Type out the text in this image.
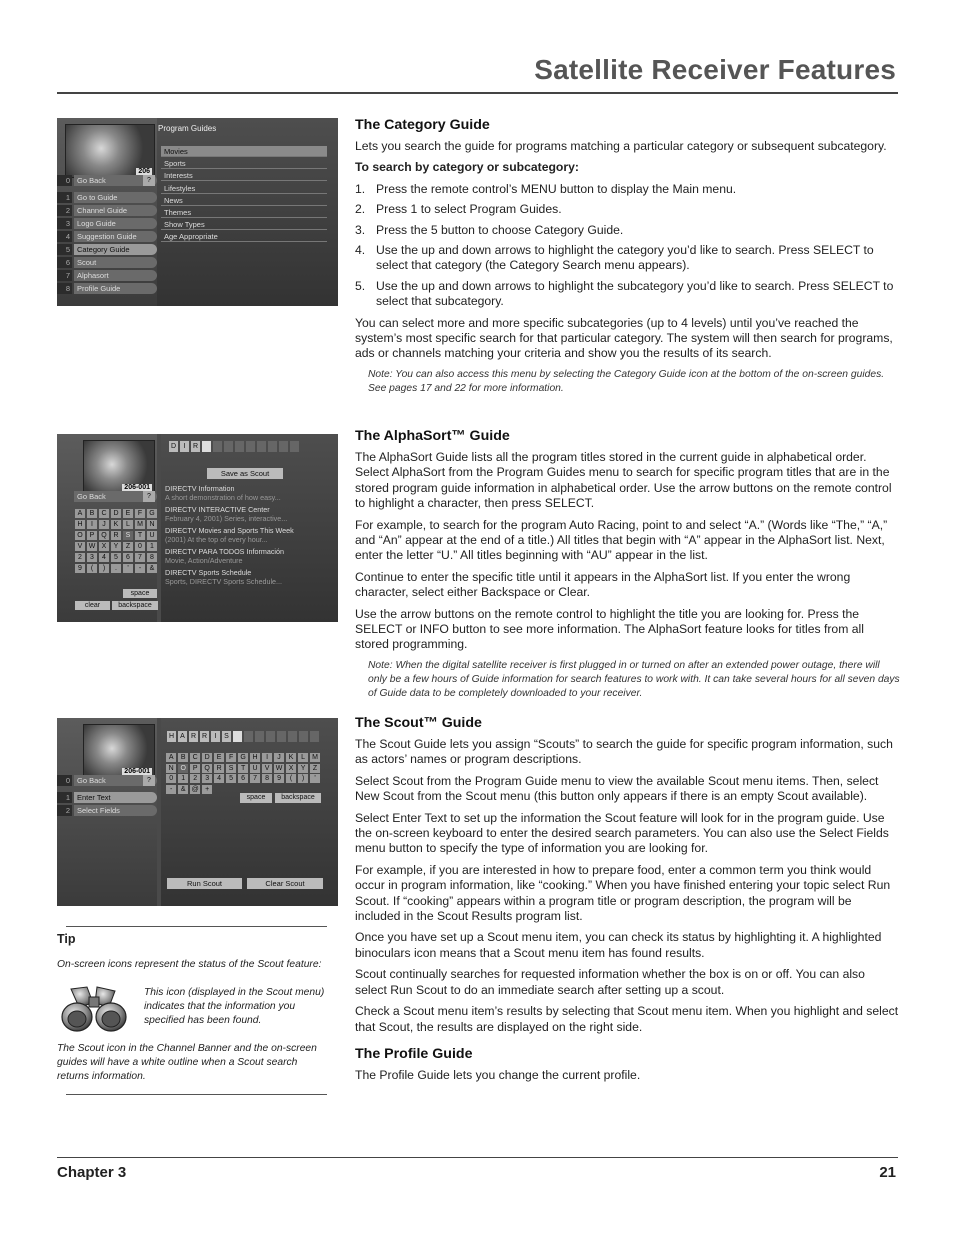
Satellite Receiver Features
206
Program Guides
0 Go Back	?
1 Go to Guide
2 Channel Guide
3 Logo Guide
4 Suggestion Guide
5 Category Guide
6 Scout
7 Alphasort
8 Profile Guide
Movies
Sports
Interests
Lifestyles
News
Themes
Show Types
Age Appropriate
The Category Guide

Lets you search the guide for programs matching a particular category or subsequent subcategory.

To search by category or subcategory:

1. Press the remote control’s MENU button to display the Main menu.
2. Press 1 to select Program Guides.
3. Press the 5 button to choose Category Guide.
4. Use the up and down arrows to highlight the category you’d like to search. Press SELECT to select that category (the Category Search menu appears).
5. Use the up and down arrows to highlight the subcategory you’d like to search. Press SELECT to select that subcategory.

You can select more and more specific subcategories (up to 4 levels) until you’ve reached the system’s most specific search for that particular category. The system will then search for programs, ads or channels matching your criteria and show you the results of its search.

Note: You can also access this menu by selecting the Category Guide icon at the bottom of the on-screen guides. See pages 17 and 22 for more information.

206-001
Go Back	?
A	B	C D	E	F	G
H	I	J	K	L	M N
O P Q R	S	T	U
V W X	Y	Z	0	1
2	3	4	5	6	7	8
9	(	)	.	'	-	&
space
clear	backspace
Save as Scout
D	I	R
DIRECTV Information
A short demonstration of how easy...
DIRECTV INTERACTIVE Center
February 4, 2001) Series, interactive...
DIRECTV Movies and Sports This Week
(2001) At the top of every hour...
DIRECTV PARA TODOS Información
Movie, Action/Adventure
DIRECTV Sports Schedule
Sports, DIRECTV Sports Schedule...
The AlphaSort™ Guide

The AlphaSort Guide lists all the program titles stored in the current guide in alphabetical order. Select AlphaSort from the Program Guides menu to search for specific program titles that are in the stored program guide information in alphabetical order. Use the arrow buttons on the remote control to highlight a character, then press SELECT.

For example, to search for the program Auto Racing, point to and select “A.” (Words like “The,” “A,” and “An” appear at the end of a title.) All titles that begin with “A” appear in the AlphaSort list. Next, enter the letter “U.” All titles beginning with “AU” appear in the list.

Continue to enter the specific title until it appears in the AlphaSort list. If you enter the wrong character, select either Backspace or Clear.

Use the arrow buttons on the remote control to highlight the title you are looking for. Press the SELECT or INFO button to see more information. The AlphaSort feature looks for titles from all stored programming.

Note: When the digital satellite receiver is first plugged in or turned on after an extended power outage, there will only be a few hours of Guide information for search features to work with. It can take several hours for all seven days of Guide data to be completely downloaded to your receiver.

206-001
0 Go Back	?
A	B	C D	E	F	G H	I	J	K	L	M
N O P Q R	S	T	U	V W X	Y	Z
0	1	2	3	4	5	6	7	8	9	(	)	'
-	& @ +
space	backspace
Run Scout	Clear Scout
H A R R	I	S
1 Enter Text
2 Select Fields
The Scout™ Guide

The Scout Guide lets you assign “Scouts” to search the guide for specific program information, such as actors’ names or program descriptions.

Select Scout from the Program Guide menu to view the available Scout menu items. Then, select New Scout from the Scout menu (this button only appears if there is an empty Scout available).

Select Enter Text to set up the information the Scout feature will look for in the program guide. Use the on-screen keyboard to enter the desired search parameters. You can also use the Select Fields menu button to specify the type of information you are looking for.

For example, if you are interested in how to prepare food, enter a common term you think would occur in program information, like “cooking.” When you have finished entering your topic select Run Scout. If “cooking” appears within a program title or program description, the program will be included in the Scout Results program list.

Once you have set up a Scout menu item, you can check its status by highlighting it. A highlighted binoculars icon means that a Scout menu item has found results.

Scout continually searches for requested information whether the box is on or off. You can also select Run Scout to do an immediate search after setting up a scout.

Check a Scout menu item’s results by selecting that Scout menu item. When you highlight and select that Scout, the results are displayed on the right side.

The Profile Guide

The Profile Guide lets you change the current profile.

Tip
On-screen icons represent the status of the Scout feature:
This icon (displayed in the Scout menu) indicates that the information you specified has been found.
The Scout icon in the Channel Banner and the on-screen guides will have a white outline when a Scout search returns information.
Chapter 3	21
